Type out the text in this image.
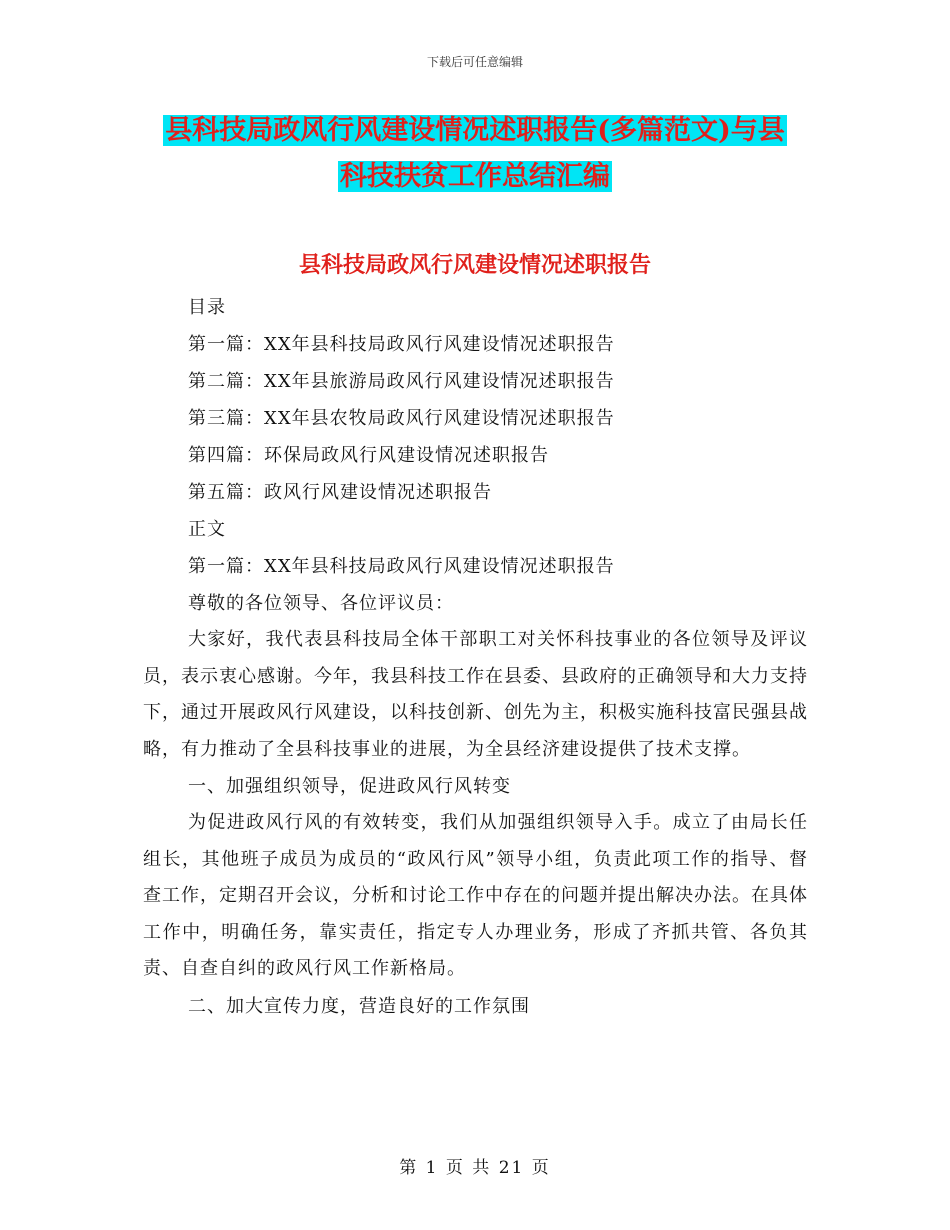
下载后可任意编辑
县科技局政风行风建设情况述职报告(多篇范文)与县
科技扶贫工作总结汇编
县科技局政风行风建设情况述职报告
目录
第一篇：XX年县科技局政风行风建设情况述职报告
第二篇：XX年县旅游局政风行风建设情况述职报告
第三篇：XX年县农牧局政风行风建设情况述职报告
第四篇：环保局政风行风建设情况述职报告
第五篇：政风行风建设情况述职报告
正文
第一篇：XX年县科技局政风行风建设情况述职报告
尊敬的各位领导、各位评议员：
大家好，我代表县科技局全体干部职工对关怀科技事业的各位领导及评议员，表示衷心感谢。今年，我县科技工作在县委、县政府的正确领导和大力支持下，通过开展政风行风建设，以科技创新、创先为主，积极实施科技富民强县战略，有力推动了全县科技事业的进展，为全县经济建设提供了技术支撑。
一、加强组织领导，促进政风行风转变
为促进政风行风的有效转变，我们从加强组织领导入手。成立了由局长任组长，其他班子成员为成员的“政风行风”领导小组，负责此项工作的指导、督查工作，定期召开会议，分析和讨论工作中存在的问题并提出解决办法。在具体工作中，明确任务，靠实责任，指定专人办理业务，形成了齐抓共管、各负其责、自查自纠的政风行风工作新格局。
二、加大宣传力度，营造良好的工作氛围
第 1 页 共 21 页
